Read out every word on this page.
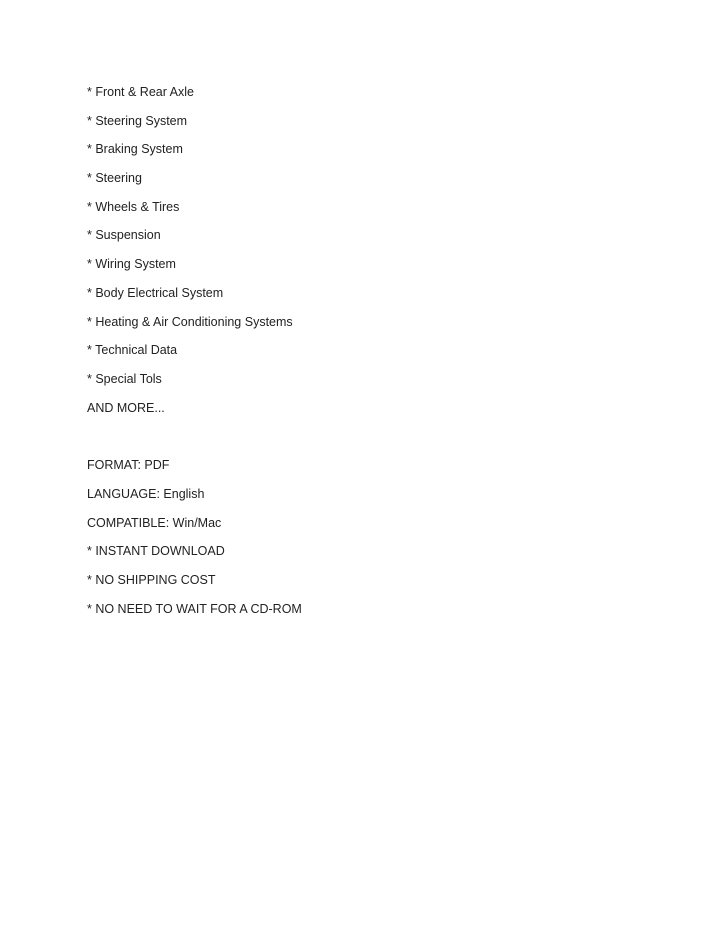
* Front & Rear Axle
* Steering System
* Braking System
* Steering
* Wheels & Tires
* Suspension
* Wiring System
* Body Electrical System
* Heating & Air Conditioning Systems
* Technical Data
* Special Tols
AND MORE...
FORMAT: PDF
LANGUAGE: English
COMPATIBLE: Win/Mac
* INSTANT DOWNLOAD
* NO SHIPPING COST
* NO NEED TO WAIT FOR A CD-ROM
